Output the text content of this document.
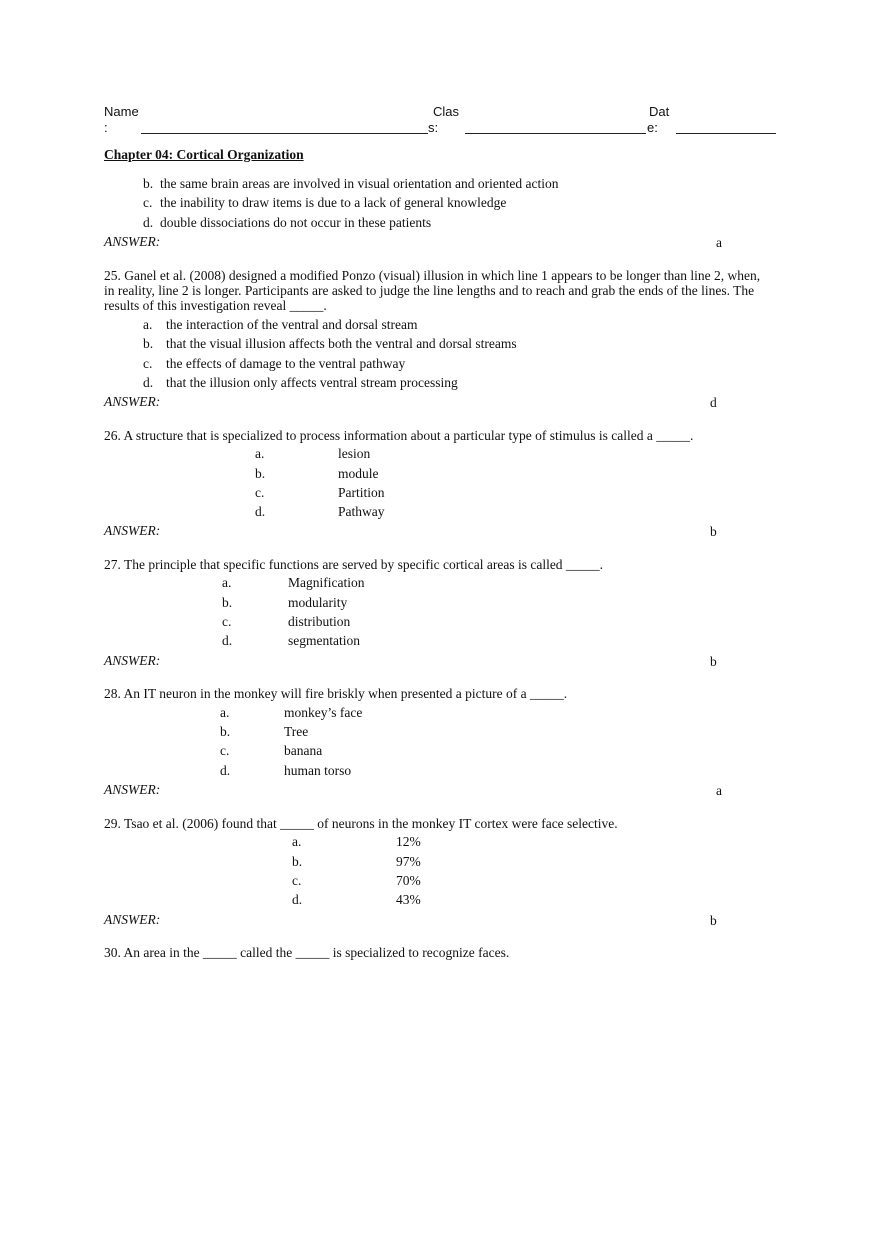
Name
:
Clas
s:
Dat
e:
Chapter 04: Cortical Organization
b. the same brain areas are involved in visual orientation and oriented action
c. the inability to draw items is due to a lack of general knowledge
d. double dissociations do not occur in these patients
ANSWER:	a
25. Ganel et al. (2008) designed a modified Ponzo (visual) illusion in which line 1 appears to be longer than line 2, when, in reality, line 2 is longer. Participants are asked to judge the line lengths and to reach and grab the ends of the lines. The results of this investigation reveal _____.
a. the interaction of the ventral and dorsal stream
b. that the visual illusion affects both the ventral and dorsal streams
c. the effects of damage to the ventral pathway
d. that the illusion only affects ventral stream processing
ANSWER:	d
26. A structure that is specialized to process information about a particular type of stimulus is called a _____.
a.	lesion
b.	module
c.	Partition
d.	Pathway
ANSWER:	b
27. The principle that specific functions are served by specific cortical areas is called _____.
a.	Magnification
b.	modularity
c.	distribution
d.	segmentation
ANSWER:	b
28. An IT neuron in the monkey will fire briskly when presented a picture of a _____.
a.	monkey’s face
b.	Tree
c.	banana
d.	human torso
ANSWER:	a
29. Tsao et al. (2006) found that _____ of neurons in the monkey IT cortex were face selective.
a.	12%
b.	97%
c.	70%
d.	43%
ANSWER:	b
30. An area in the _____ called the _____ is specialized to recognize faces.
